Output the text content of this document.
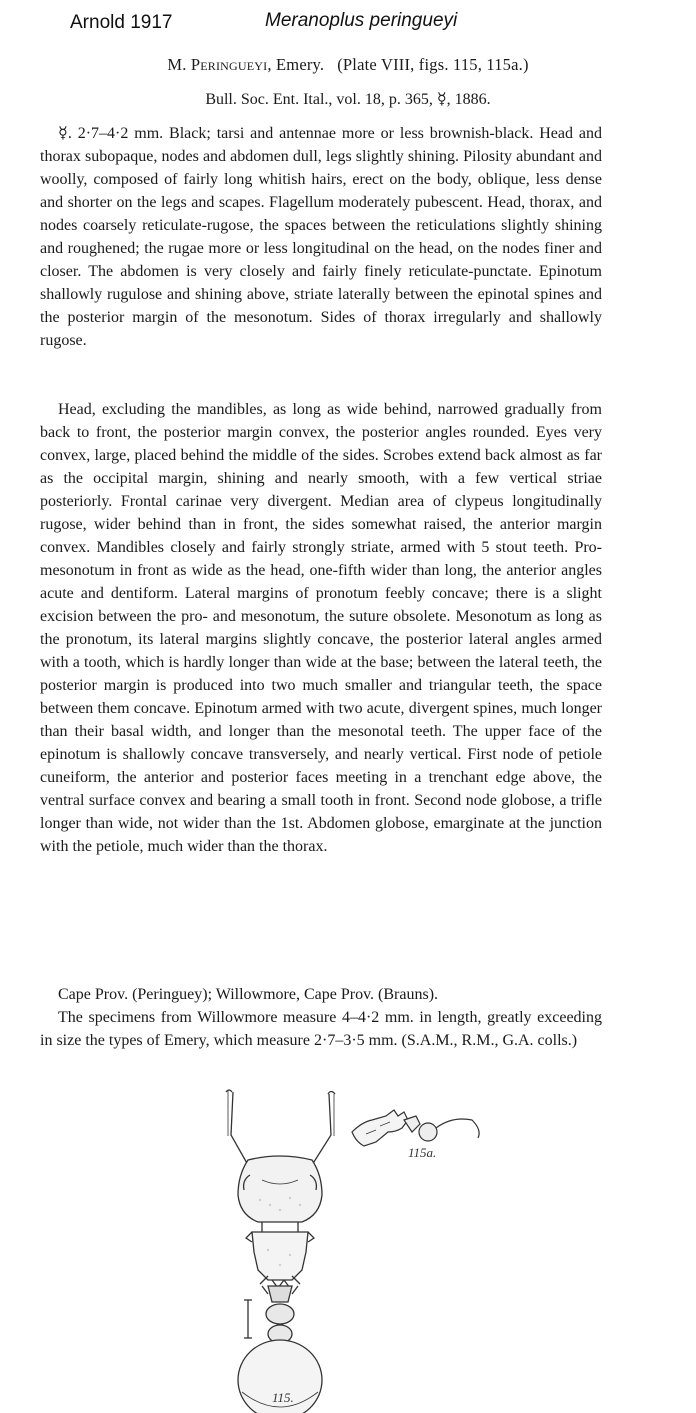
Arnold 1917	Meranoplus peringueyi
M. Peringueyi, Emery. (Plate VIII, figs. 115, 115a.)
Bull. Soc. Ent. Ital., vol. 18, p. 365, ☿, 1886.

☿. 2·7–4·2 mm. Black; tarsi and antennae more or less brownish-black. Head and thorax subopaque, nodes and abdomen dull, legs slightly shining. Pilosity abundant and woolly, composed of fairly long whitish hairs, erect on the body, oblique, less dense and shorter on the legs and scapes. Flagellum moderately pubescent. Head, thorax, and nodes coarsely reticulate-rugose, the spaces between the reticulations slightly shining and roughened; the rugae more or less longitudinal on the head, on the nodes finer and closer. The abdomen is very closely and fairly finely reticulate-punctate. Epinotum shallowly rugulose and shining above, striate laterally between the epinotal spines and the posterior margin of the mesonotum. Sides of thorax irregularly and shallowly rugose.

Head, excluding the mandibles, as long as wide behind, narrowed gradually from back to front, the posterior margin convex, the posterior angles rounded. Eyes very convex, large, placed behind the middle of the sides. Scrobes extend back almost as far as the occipital margin, shining and nearly smooth, with a few vertical striae posteriorly. Frontal carinae very divergent. Median area of clypeus longitudinally rugose, wider behind than in front, the sides somewhat raised, the anterior margin convex. Mandibles closely and fairly strongly striate, armed with 5 stout teeth. Pro-mesonotum in front as wide as the head, one-fifth wider than long, the anterior angles acute and dentiform. Lateral margins of pronotum feebly concave; there is a slight excision between the pro- and mesonotum, the suture obsolete. Mesonotum as long as the pronotum, its lateral margins slightly concave, the posterior lateral angles armed with a tooth, which is hardly longer than wide at the base; between the lateral teeth, the posterior margin is produced into two much smaller and triangular teeth, the space between them concave. Epinotum armed with two acute, divergent spines, much longer than their basal width, and longer than the mesonotal teeth. The upper face of the epinotum is shallowly concave transversely, and nearly vertical. First node of petiole cuneiform, the anterior and posterior faces meeting in a trenchant edge above, the ventral surface convex and bearing a small tooth in front. Second node globose, a trifle longer than wide, not wider than the 1st. Abdomen globose, emarginate at the junction with the petiole, much wider than the thorax.

Cape Prov. (Peringuey); Willowmore, Cape Prov. (Brauns).

The specimens from Willowmore measure 4–4·2 mm. in length, greatly exceeding in size the types of Emery, which measure 2·7–3·5 mm. (S.A.M., R.M., G.A. colls.)

115a.
115.
